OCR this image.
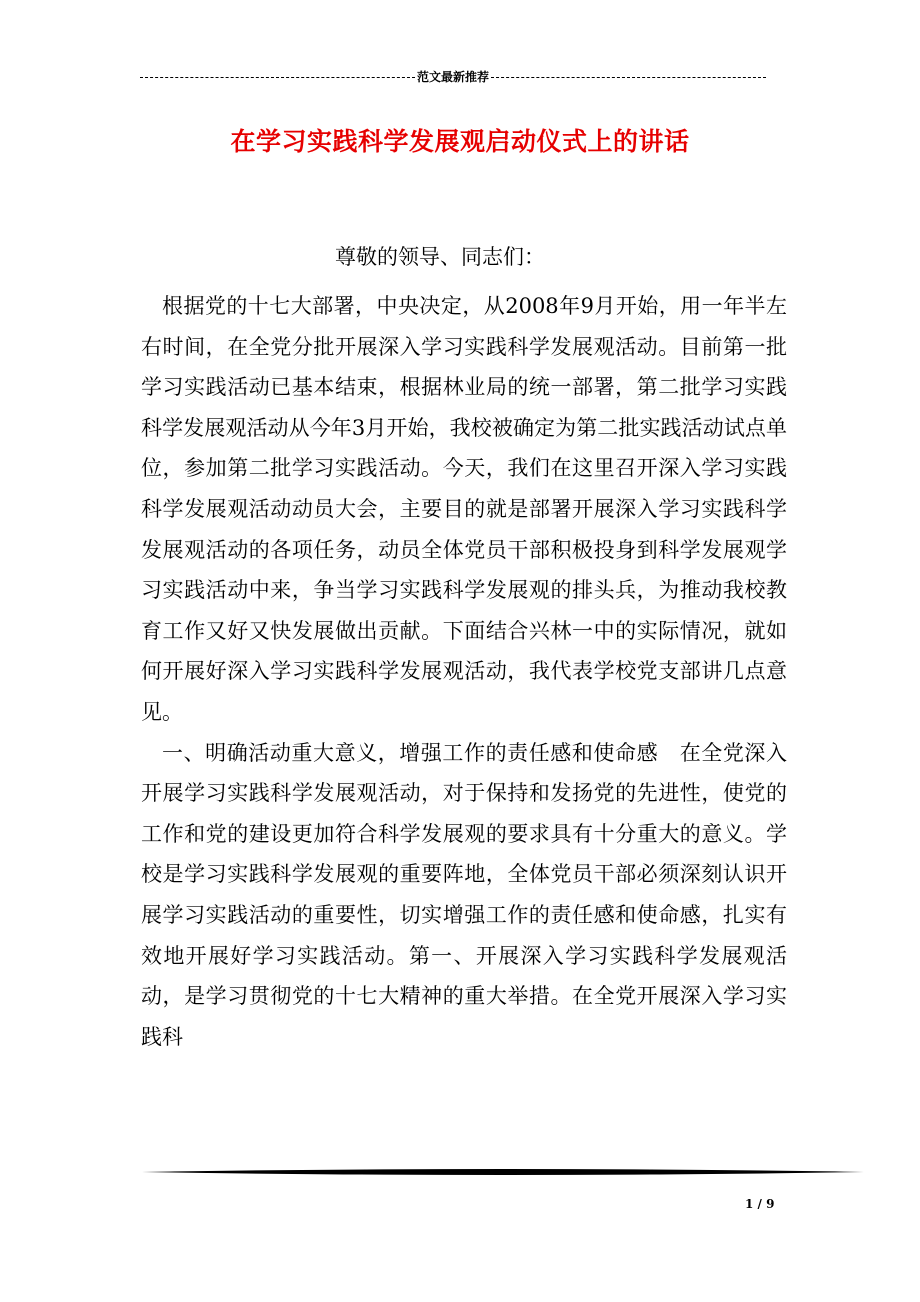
范文最新推荐
在学习实践科学发展观启动仪式上的讲话
尊敬的领导、同志们：

根据党的十七大部署，中央决定，从2008年9月开始，用一年半左右时间，在全党分批开展深入学习实践科学发展观活动。目前第一批学习实践活动已基本结束，根据林业局的统一部署，第二批学习实践科学发展观活动从今年3月开始，我校被确定为第二批实践活动试点单位，参加第二批学习实践活动。今天，我们在这里召开深入学习实践科学发展观活动动员大会，主要目的就是部署开展深入学习实践科学发展观活动的各项任务，动员全体党员干部积极投身到科学发展观学习实践活动中来，争当学习实践科学发展观的排头兵，为推动我校教育工作又好又快发展做出贡献。下面结合兴林一中的实际情况，就如何开展好深入学习实践科学发展观活动，我代表学校党支部讲几点意见。

一、明确活动重大意义，增强工作的责任感和使命感　在全党深入开展学习实践科学发展观活动，对于保持和发扬党的先进性，使党的工作和党的建设更加符合科学发展观的要求具有十分重大的意义。学校是学习实践科学发展观的重要阵地，全体党员干部必须深刻认识开展学习实践活动的重要性，切实增强工作的责任感和使命感，扎实有效地开展好学习实践活动。第一、开展深入学习实践科学发展观活动，是学习贯彻党的十七大精神的重大举措。在全党开展深入学习实践科

1 / 9
